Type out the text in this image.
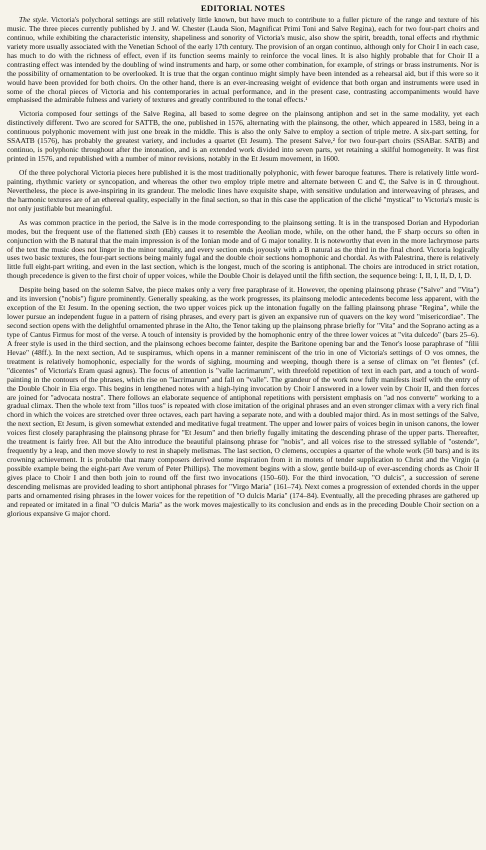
EDITORIAL NOTES

The style. Victoria's polychoral settings are still relatively little known, but have much to contribute to a fuller picture of the range and texture of his music. The three pieces currently published by J. and W. Chester (Lauda Sion, Magnificat Primi Toni and Salve Regina), each for two four-part choirs and continuo, while exhibiting the characteristic intensity, shapeliness and sonority of Victoria's music, also show the spirit, breadth, tonal effects and rhythmic variety more usually associated with the Venetian School of the early 17th century. The provision of an organ continuo, although only for Choir I in each case, has much to do with the richness of effect, even if its function seems mainly to reinforce the vocal lines. It is also highly probable that for Choir II a contrasting effect was intended by the doubling of wind instruments and harp, or some other combination, for example, of strings or brass instruments. Nor is the possibility of ornamentation to be overlooked. It is true that the organ continuo might simply have been intended as a rehearsal aid, but if this were so it would have been provided for both choirs. On the other hand, there is an ever-increasing weight of evidence that both organ and instruments were used in some of the choral pieces of Victoria and his contemporaries in actual performance, and in the present case, contrasting accompaniments would have emphasised the admirable fulness and variety of textures and greatly contributed to the tonal effects.¹

Victoria composed four settings of the Salve Regina, all based to some degree on the plainsong antiphon and set in the same modality, yet each distinctively different. Two are scored for SATTB, the one, published in 1576, alternating with the plainsong, the other, which appeared in 1583, being in a continuous polyphonic movement with just one break in the middle. This is also the only Salve to employ a section of triple metre. A six-part setting, for SSAATB (1576), has probably the greatest variety, and includes a quartet (Et Jesum). The present Salve,² for two four-part choirs (SSABar. SATB) and continuo, is polyphonic throughout after the intonation, and is an extended work divided into seven parts, yet retaining a skilful homogeneity. It was first printed in 1576, and republished with a number of minor revisions, notably in the Et Jesum movement, in 1600.

Of the three polychoral Victoria pieces here published it is the most traditionally polyphonic, with fewer baroque features. There is relatively little word-painting, rhythmic variety or syncopation, and whereas the other two employ triple metre and alternate between C and ₵, the Salve is in ₵ throughout. Nevertheless, the piece is awe-inspiring in its grandeur. The melodic lines have exquisite shape, with sensitive undulation and interweaving of phrases, and the harmonic textures are of an ethereal quality, especially in the final section, so that in this case the application of the cliché "mystical" to Victoria's music is not only justifiable but meaningful.

As was common practice in the period, the Salve is in the mode corresponding to the plainsong setting. It is in the transposed Dorian and Hypodorian modes, but the frequent use of the flattened sixth (Eb) causes it to resemble the Aeolian mode, while, on the other hand, the F sharp occurs so often in conjunction with the B natural that the main impression is of the Ionian mode and of G major tonality. It is noteworthy that even in the more lachrymose parts of the text the music does not linger in the minor tonality, and every section ends joyously with a B natural as the third in the final chord. Victoria logically uses two basic textures, the four-part sections being mainly fugal and the double choir sections homophonic and chordal. As with Palestrina, there is relatively little full eight-part writing, and even in the last section, which is the longest, much of the scoring is antiphonal. The choirs are introduced in strict rotation, though precedence is given to the first choir of upper voices, while the Double Choir is delayed until the fifth section, the sequence being: I, II, I, II, D, I, D.

Despite being based on the solemn Salve, the piece makes only a very free paraphrase of it. However, the opening plainsong phrase ("Salve" and "Vita") and its inversion ("nobis") figure prominently. Generally speaking, as the work progresses, its plainsong melodic antecedents become less apparent, with the exception of the Et Jesum. In the opening section, the two upper voices pick up the intonation fugally on the falling plainsong phrase "Regina", while the lower pursue an independent fugue in a pattern of rising phrases, and every part is given an expansive run of quavers on the key word "misericordiae". The second section opens with the delightful ornamented phrase in the Alto, the Tenor taking up the plainsong phrase briefly for "Vita" and the Soprano acting as a type of Cantus Firmus for most of the verse. A touch of intensity is provided by the homophonic entry of the three lower voices at "vita dulcedo" (bars 25–6). A freer style is used in the third section, and the plainsong echoes become fainter, despite the Baritone opening bar and the Tenor's loose paraphrase of "filii Hevae" (48ff.). In the next section, Ad te suspiramus, which opens in a manner reminiscent of the trio in one of Victoria's settings of O vos omnes, the treatment is relatively homophonic, especially for the words of sighing, mourning and weeping, though there is a sense of climax on "et flentes" (cf. "dicentes" of Victoria's Eram quasi agnus). The focus of attention is "valle lacrimarum", with threefold repetition of text in each part, and a touch of word-painting in the contours of the phrases, which rise on "lacrimarum" and fall on "valle". The grandeur of the work now fully manifests itself with the entry of the Double Choir in Eia ergo. This begins in lengthened notes with a high-lying invocation by Choir I answered in a lower vein by Choir II, and then forces are joined for "advocata nostra". There follows an elaborate sequence of antiphonal repetitions with persistent emphasis on "ad nos converte" working to a gradual climax. Then the whole text from "illos tuos" is repeated with close imitation of the original phrases and an even stronger climax with a very rich final chord in which the voices are stretched over three octaves, each part having a separate note, and with a doubled major third. As in most settings of the Salve, the next section, Et Jesum, is given somewhat extended and meditative fugal treatment. The upper and lower pairs of voices begin in unison canons, the lower voices first closely paraphrasing the plainsong phrase for "Et Jesum" and then briefly fugally imitating the descending phrase of the upper parts. Thereafter, the treatment is fairly free. All but the Alto introduce the beautiful plainsong phrase for "nobis", and all voices rise to the stressed syllable of "ostende", frequently by a leap, and then move slowly to rest in shapely melismas. The last section, O clemens, occupies a quarter of the whole work (50 bars) and is its crowning achievement. It is probable that many composers derived some inspiration from it in motets of tender supplication to Christ and the Virgin (a possible example being the eight-part Ave verum of Peter Phillips). The movement begins with a slow, gentle build-up of ever-ascending chords as Choir II gives place to Choir I and then both join to round off the first two invocations (150–60). For the third invocation, "O dulcis", a succession of serene descending melismas are provided leading to short antiphonal phrases for "Virgo Maria" (161–74). Next comes a progression of extended chords in the upper parts and ornamented rising phrases in the lower voices for the repetition of "O dulcis Maria" (174–84). Eventually, all the preceding phrases are gathered up and repeated or imitated in a final "O dulcis Maria" as the work moves majestically to its conclusion and ends as in the preceding Double Choir section on a glorious expansive G major chord.
